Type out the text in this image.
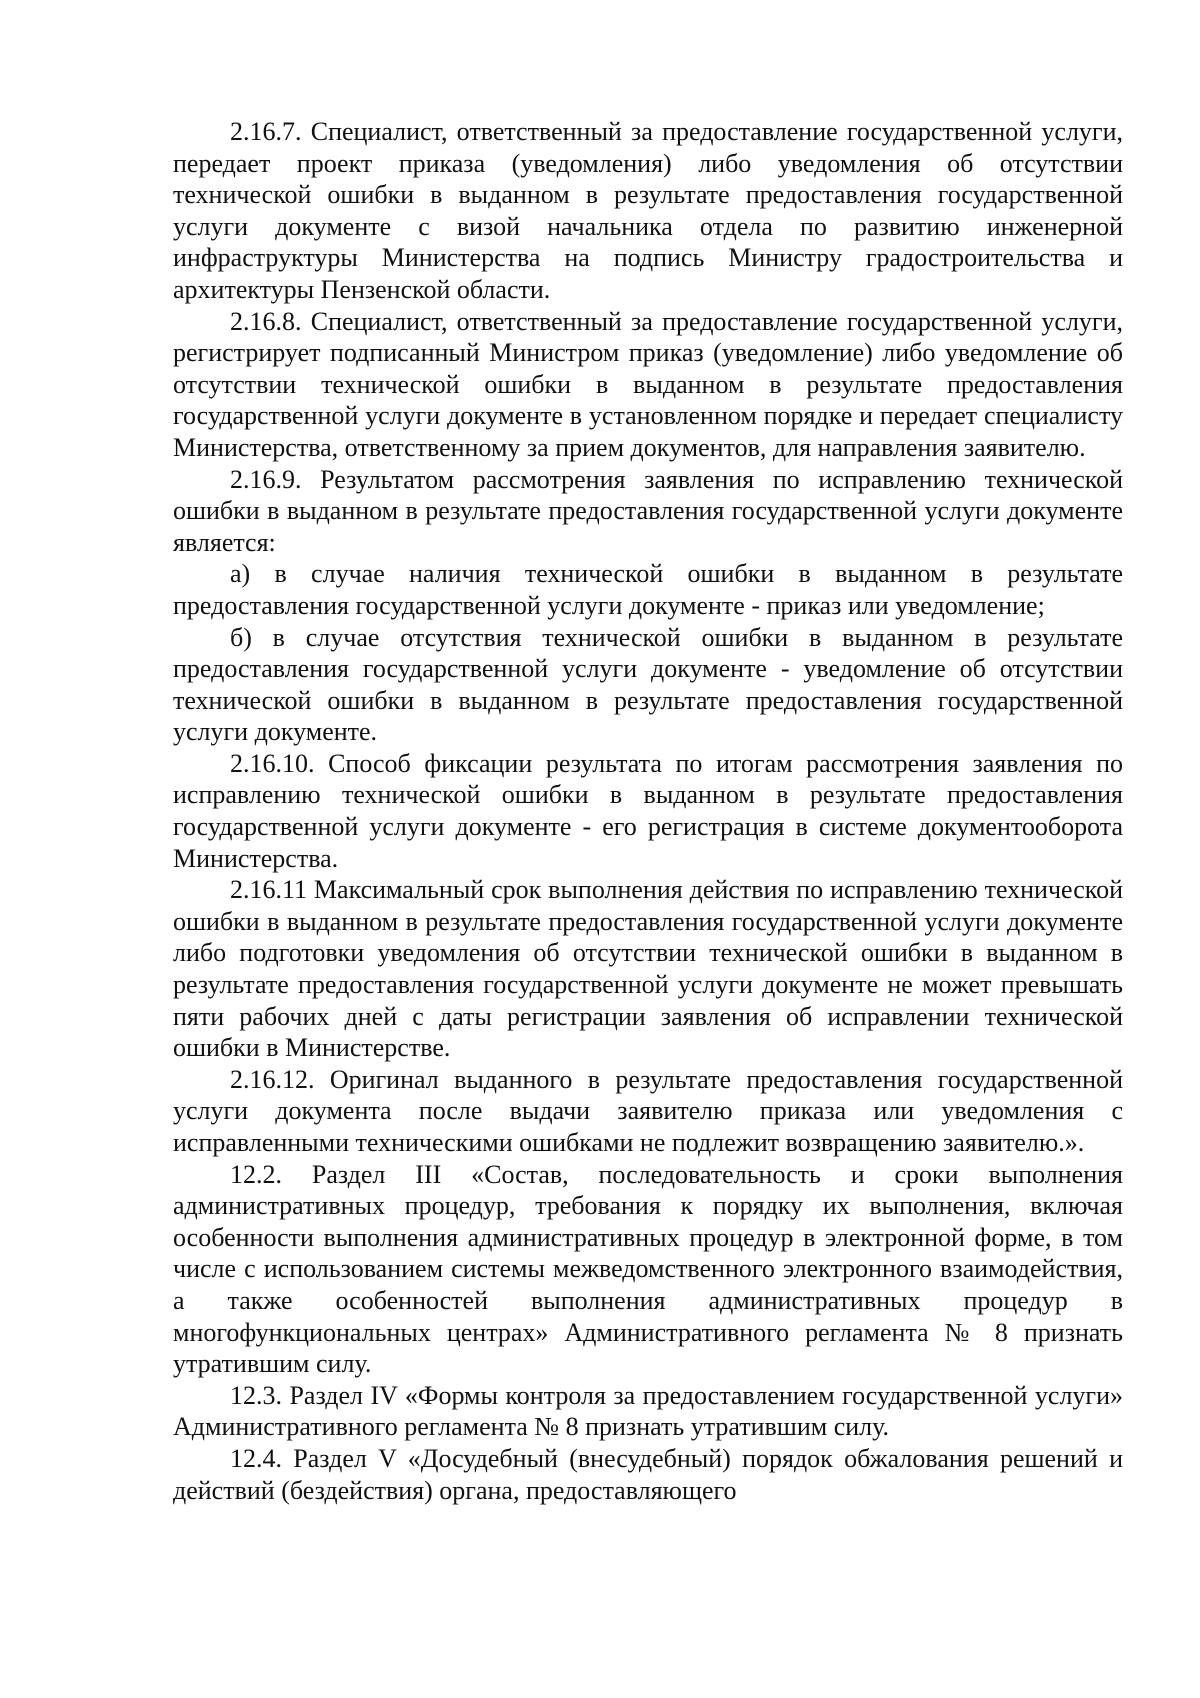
2.16.7. Специалист, ответственный за предоставление государственной услуги, передает проект приказа (уведомления) либо уведомления об отсутствии технической ошибки в выданном в результате предоставления государственной услуги документе с визой начальника отдела по развитию инженерной инфраструктуры Министерства на подпись Министру градостроительства и архитектуры Пензенской области.

2.16.8. Специалист, ответственный за предоставление государственной услуги, регистрирует подписанный Министром приказ (уведомление) либо уведомление об отсутствии технической ошибки в выданном в результате предоставления государственной услуги документе в установленном порядке и передает специалисту Министерства, ответственному за прием документов, для направления заявителю.

2.16.9. Результатом рассмотрения заявления по исправлению технической ошибки в выданном в результате предоставления государственной услуги документе является:

а) в случае наличия технической ошибки в выданном в результате предоставления государственной услуги документе - приказ или уведомление;

б) в случае отсутствия технической ошибки в выданном в результате предоставления государственной услуги документе - уведомление об отсутствии технической ошибки в выданном в результате предоставления государственной услуги документе.

2.16.10. Способ фиксации результата по итогам рассмотрения заявления по исправлению технической ошибки в выданном в результате предоставления государственной услуги документе - его регистрация в системе документооборота Министерства.

2.16.11 Максимальный срок выполнения действия по исправлению технической ошибки в выданном в результате предоставления государственной услуги документе либо подготовки уведомления об отсутствии технической ошибки в выданном в результате предоставления государственной услуги документе не может превышать пяти рабочих дней с даты регистрации заявления об исправлении технической ошибки в Министерстве.

2.16.12. Оригинал выданного в результате предоставления государственной услуги документа после выдачи заявителю приказа или уведомления с исправленными техническими ошибками не подлежит возвращению заявителю.».

12.2. Раздел III «Состав, последовательность и сроки выполнения административных процедур, требования к порядку их выполнения, включая особенности выполнения административных процедур в электронной форме, в том числе с использованием системы межведомственного электронного взаимодействия, а также особенностей выполнения административных процедур в многофункциональных центрах» Административного регламента № 8 признать утратившим силу.

12.3. Раздел IV «Формы контроля за предоставлением государственной услуги» Административного регламента № 8 признать утратившим силу.

12.4. Раздел V «Досудебный (внесудебный) порядок обжалования решений и действий (бездействия) органа, предоставляющего
